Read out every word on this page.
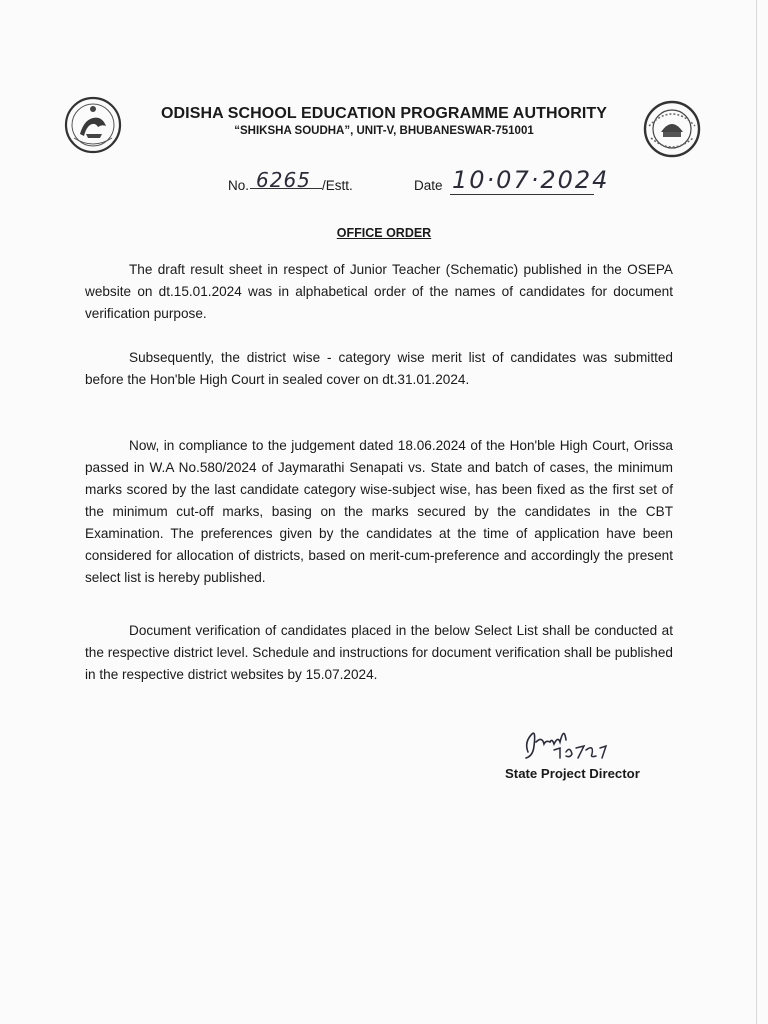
ODISHA SCHOOL EDUCATION PROGRAMME AUTHORITY
“SHIKSHA SOUDHA”, UNIT-V, BHUBANESWAR-751001
No. 6265 /Estt.	Date 10·07·2024
OFFICE ORDER
The draft result sheet in respect of Junior Teacher (Schematic) published in the OSEPA website on dt.15.01.2024 was in alphabetical order of the names of candidates for document verification purpose.
Subsequently, the district wise - category wise merit list of candidates was submitted before the Hon'ble High Court in sealed cover on dt.31.01.2024.
Now, in compliance to the judgement dated 18.06.2024 of the Hon'ble High Court, Orissa passed in W.A No.580/2024 of Jaymarathi Senapati vs. State and batch of cases, the minimum marks scored by the last candidate category wise-subject wise, has been fixed as the first set of the minimum cut-off marks, basing on the marks secured by the candidates in the CBT Examination. The preferences given by the candidates at the time of application have been considered for allocation of districts, based on merit-cum-preference and accordingly the present select list is hereby published.
Document verification of candidates placed in the below Select List shall be conducted at the respective district level. Schedule and instructions for document verification shall be published in the respective district websites by 15.07.2024.
State Project Director
